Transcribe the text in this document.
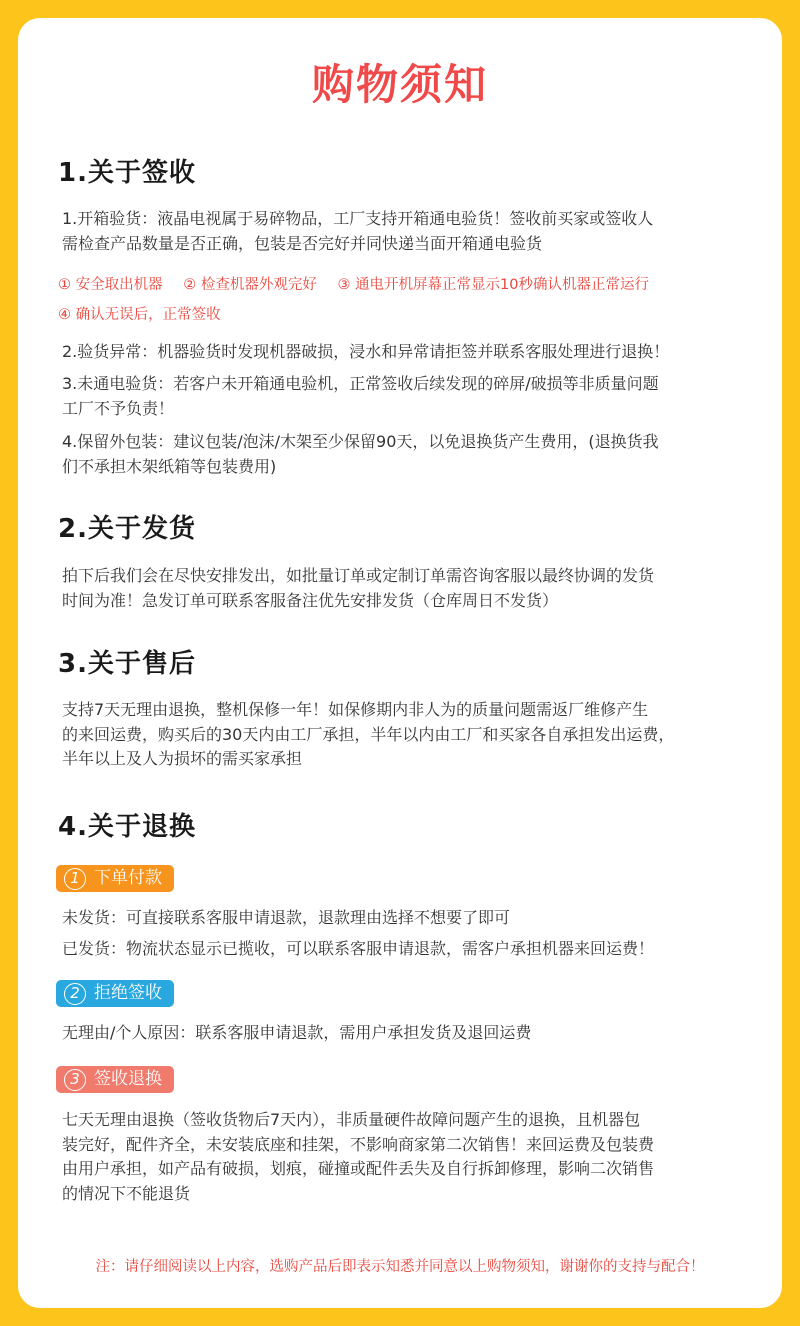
购物须知
1.关于签收
1.开箱验货：液晶电视属于易碎物品，工厂支持开箱通电验货！签收前买家或签收人
需检查产品数量是否正确，包装是否完好并同快递当面开箱通电验货
① 安全取出机器 ② 检查机器外观完好 ③ 通电开机屏幕正常显示10秒确认机器正常运行
④ 确认无误后，正常签收
2.验货异常：机器验货时发现机器破损，浸水和异常请拒签并联系客服处理进行退换！
3.未通电验货：若客户未开箱通电验机，正常签收后续发现的碎屏/破损等非质量问题
工厂不予负责！
4.保留外包装：建议包装/泡沫/木架至少保留90天，以免退换货产生费用，(退换货我
们不承担木架纸箱等包装费用)
2.关于发货
拍下后我们会在尽快安排发出，如批量订单或定制订单需咨询客服以最终协调的发货
时间为准！急发订单可联系客服备注优先安排发货（仓库周日不发货）
3.关于售后
支持7天无理由退换，整机保修一年！如保修期内非人为的质量问题需返厂维修产生
的来回运费，购买后的30天内由工厂承担，半年以内由工厂和买家各自承担发出运费，
半年以上及人为损坏的需买家承担
4.关于退换
1 下单付款
未发货：可直接联系客服申请退款，退款理由选择不想要了即可
已发货：物流状态显示已揽收，可以联系客服申请退款，需客户承担机器来回运费！
2 拒绝签收
无理由/个人原因：联系客服申请退款，需用户承担发货及退回运费
3 签收退换
七天无理由退换（签收货物后7天内），非质量硬件故障问题产生的退换，且机器包
装完好，配件齐全，未安装底座和挂架，不影响商家第二次销售！来回运费及包装费
由用户承担，如产品有破损，划痕，碰撞或配件丢失及自行拆卸修理，影响二次销售
的情况下不能退货
注：请仔细阅读以上内容，选购产品后即表示知悉并同意以上购物须知，谢谢你的支持与配合！
